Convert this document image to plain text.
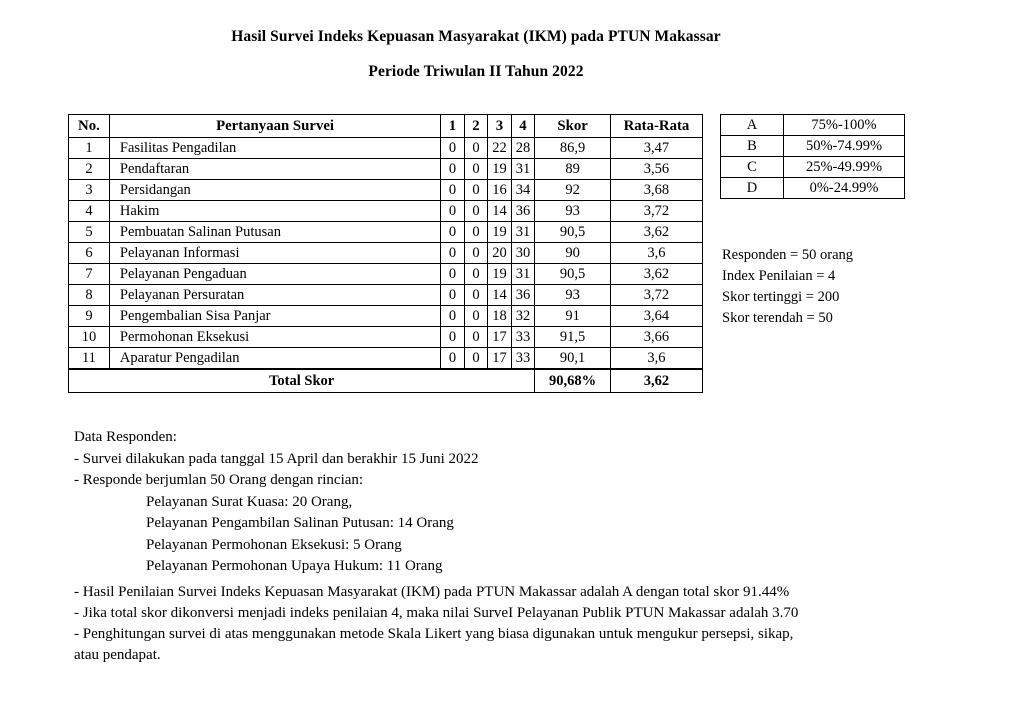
Hasil Survei Indeks Kepuasan Masyarakat (IKM) pada PTUN Makassar
Periode Triwulan II Tahun 2022
No.	Pertanyaan Survei	1	2	3	4	Skor	Rata-Rata
1	Fasilitas Pengadilan	0	0	22	28	86,9	3,47
2	Pendaftaran	0	0	19	31	89	3,56
3	Persidangan	0	0	16	34	92	3,68
4	Hakim	0	0	14	36	93	3,72
5	Pembuatan Salinan Putusan	0	0	19	31	90,5	3,62
6	Pelayanan Informasi	0	0	20	30	90	3,6
7	Pelayanan Pengaduan	0	0	19	31	90,5	3,62
8	Pelayanan Persuratan	0	0	14	36	93	3,72
9	Pengembalian Sisa Panjar	0	0	18	32	91	3,64
10	Permohonan Eksekusi	0	0	17	33	91,5	3,66
11	Aparatur Pengadilan	0	0	17	33	90,1	3,6
Total Skor						90,68%	3,62
A	75%-100%
B	50%-74.99%
C	25%-49.99%
D	0%-24.99%
Responden = 50 orang
Index Penilaian = 4
Skor tertinggi = 200
Skor terendah = 50
Data Responden:
- Survei dilakukan pada tanggal 15 April dan berakhir 15 Juni 2022
- Responde berjumlan 50 Orang dengan rincian:
Pelayanan Surat Kuasa: 20 Orang,
Pelayanan Pengambilan Salinan Putusan: 14 Orang
Pelayanan Permohonan Eksekusi: 5 Orang
Pelayanan Permohonan Upaya Hukum: 11 Orang
- Hasil Penilaian Survei Indeks Kepuasan Masyarakat (IKM) pada PTUN Makassar adalah A dengan total skor 91.44%
- Jika total skor dikonversi menjadi indeks penilaian 4, maka nilai SurveI Pelayanan Publik PTUN Makassar adalah 3.70
- Penghitungan survei di atas menggunakan metode Skala Likert yang biasa digunakan untuk mengukur persepsi, sikap,
atau pendapat.
